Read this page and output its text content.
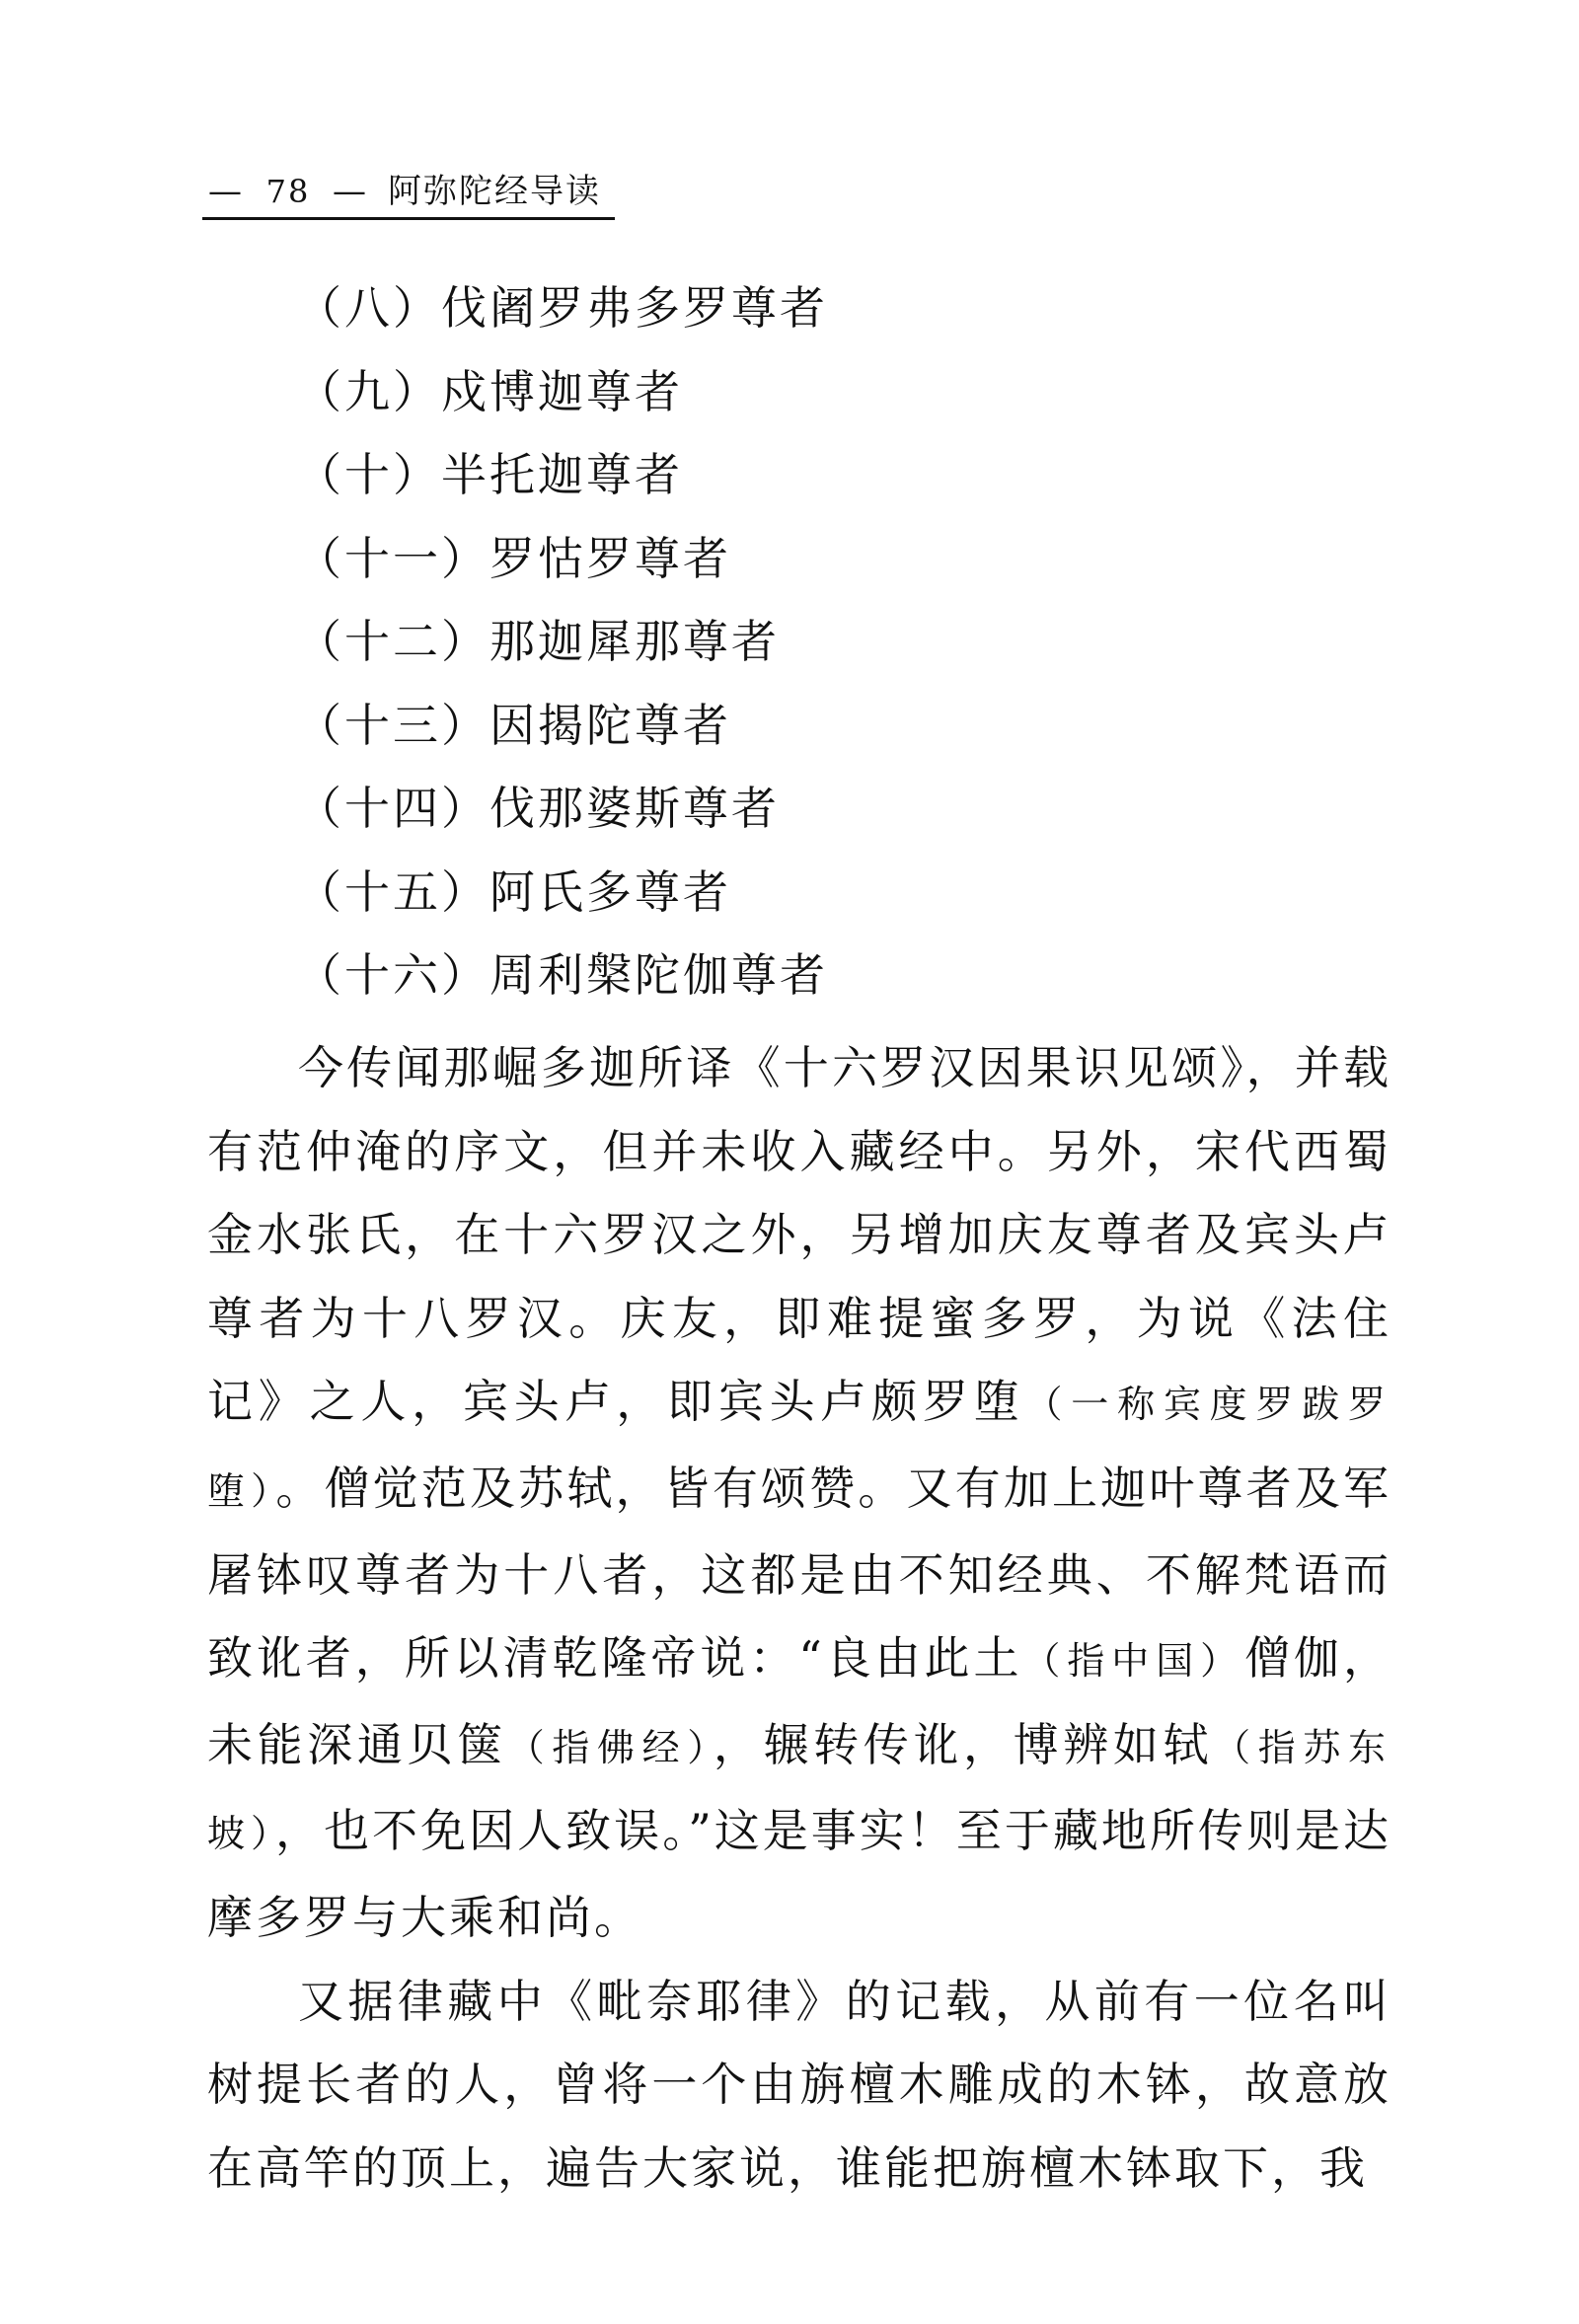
— 78 — 阿弥陀经导读
（八）伐阇罗弗多罗尊者
（九）戍博迦尊者
（十）半托迦尊者
（十一）罗怙罗尊者
（十二）那迦犀那尊者
（十三）因揭陀尊者
（十四）伐那婆斯尊者
（十五）阿氏多尊者
（十六）周利槃陀伽尊者

今传闻那崛多迦所译《十六罗汉因果识见颂》，并载有范仲淹的序文，但并未收入藏经中。另外，宋代西蜀金水张氏，在十六罗汉之外，另增加庆友尊者及宾头卢尊者为十八罗汉。庆友，即难提蜜多罗，为说《法住记》之人，宾头卢，即宾头卢颇罗堕（一称宾度罗跋罗堕）。僧觉范及苏轼，皆有颂赞。又有加上迦叶尊者及军屠钵叹尊者为十八者，这都是由不知经典、不解梵语而致讹者，所以清乾隆帝说：“良由此土（指中国）僧伽，未能深通贝箧（指佛经），辗转传讹，博辨如轼（指苏东坡），也不免因人致误。”这是事实！至于藏地所传则是达摩多罗与大乘和尚。

又据律藏中《毗奈耶律》的记载，从前有一位名叫树提长者的人，曾将一个由旃檀木雕成的木钵，故意放在高竿的顶上，遍告大家说，谁能把旃檀木钵取下，我
